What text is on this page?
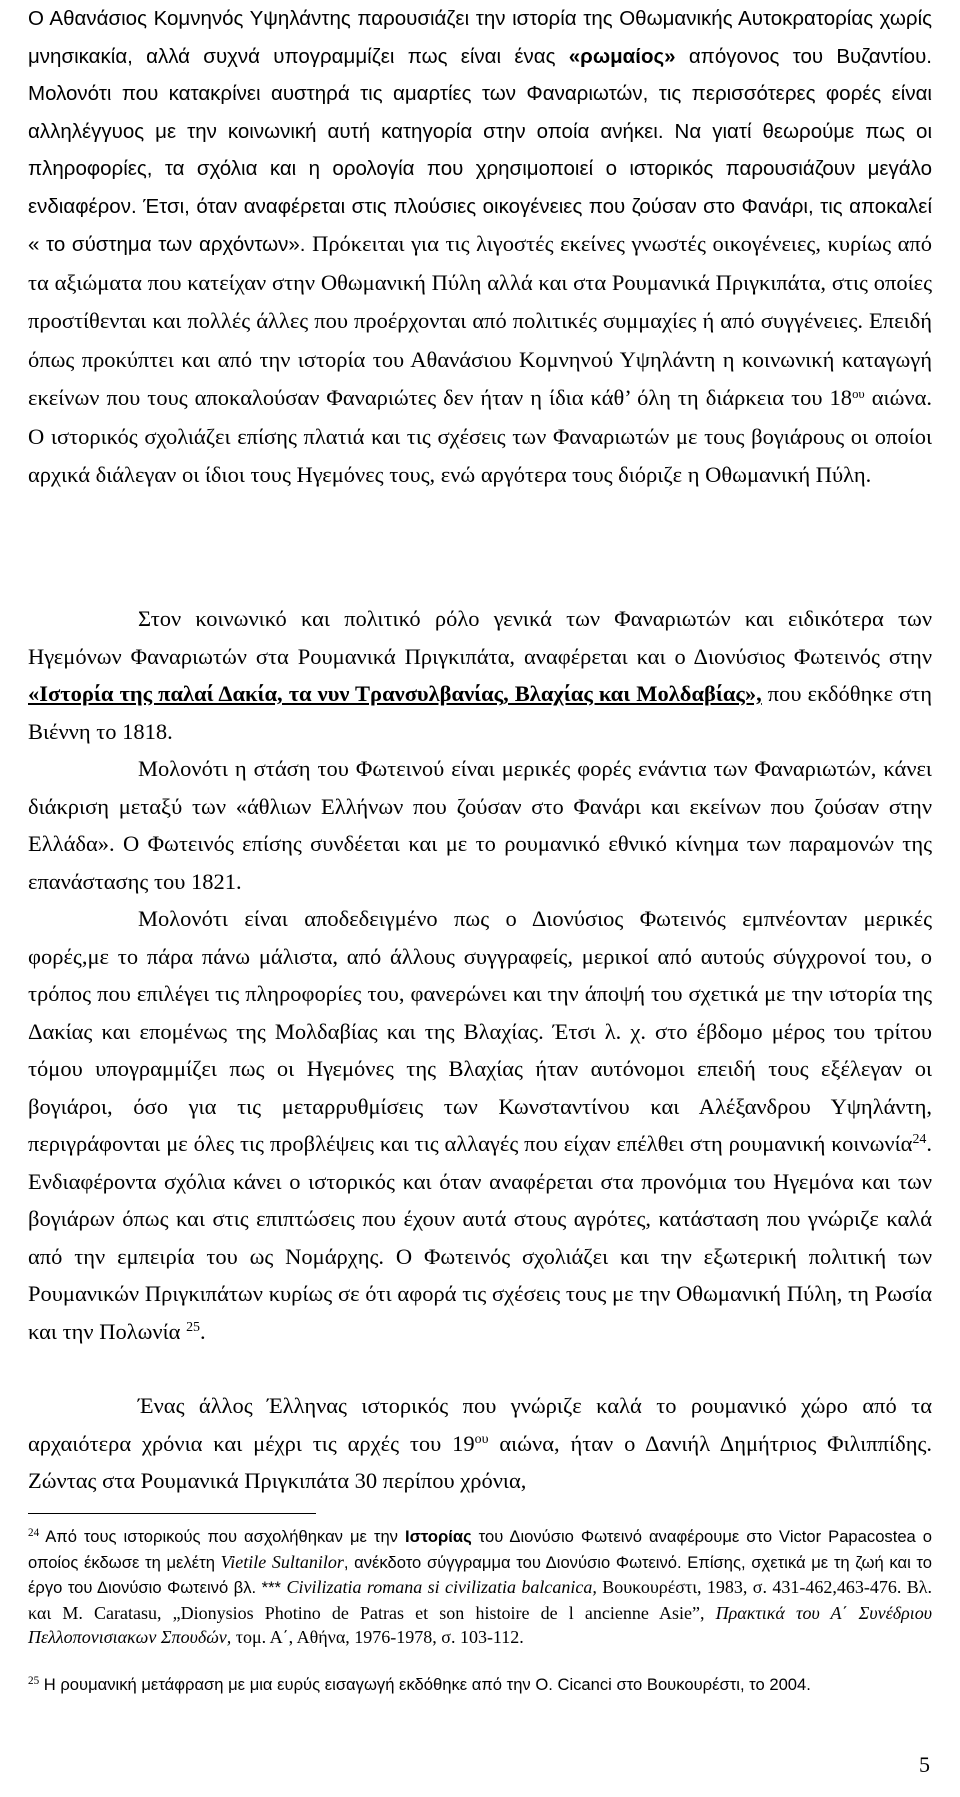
Ο Αθανάσιος Κομνηνός Υψηλάντης παρουσιάζει την ιστορία της Οθωμανικής Αυτοκρατορίας χωρίς μνησικακία, αλλά συχνά υπογραμμίζει πως είναι ένας «ρωμαίος» απόγονος του Βυζαντίου. Μολονότι που κατακρίνει αυστηρά τις αμαρτίες των Φαναριωτών, τις περισσότερες φορές είναι αλληλέγγυος με την κοινωνική αυτή κατηγορία στην οποία ανήκει. Να γιατί θεωρούμε πως οι πληροφορίες, τα σχόλια και η ορολογία που χρησιμοποιεί ο ιστορικός παρουσιάζουν μεγάλο ενδιαφέρον. Έτσι, όταν αναφέρεται στις πλούσιες οικογένειες που ζούσαν στο Φανάρι, τις αποκαλεί « το σύστημα των αρχόντων». Πρόκειται για τις λιγοστές εκείνες γνωστές οικογένειες, κυρίως από τα αξιώματα που κατείχαν στην Οθωμανική Πύλη αλλά και στα Ρουμανικά Πριγκιπάτα, στις οποίες προστίθενται και πολλές άλλες που προέρχονται από πολιτικές συμμαχίες ή από συγγένειες. Επειδή όπως προκύπτει και από την ιστορία του Αθανάσιου Κομνηνού Υψηλάντη η κοινωνική καταγωγή εκείνων που τους αποκαλούσαν Φαναριώτες δεν ήταν η ίδια κάθ’ όλη τη διάρκεια του $18^{o\upsilon}$ αιώνα. Ο ιστορικός σχολιάζει επίσης πλατιά και τις σχέσεις των Φαναριωτών με τους βογιάρους οι οποίοι αρχικά διάλεγαν οι ίδιοι τους Ηγεμόνες τους, ενώ αργότερα τους διόριζε η Οθωμανική Πύλη.

Στον κοινωνικό και πολιτικό ρόλο γενικά των Φαναριωτών και ειδικότερα των Ηγεμόνων Φαναριωτών στα Ρουμανικά Πριγκιπάτα, αναφέρεται και ο Διονύσιος Φωτεινός στην «Ιστορία της παλαί Δακία, τα νυν Τρανσυλβανίας, Βλαχίας και Μολδαβίας», που εκδόθηκε στη Βιέννη το 1818.

Μολονότι η στάση του Φωτεινού είναι μερικές φορές ενάντια των Φαναριωτών, κάνει διάκριση μεταξύ των «άθλιων Ελλήνων που ζούσαν στο Φανάρι και εκείνων που ζούσαν στην Ελλάδα». Ο Φωτεινός επίσης συνδέεται και με το ρουμανικό εθνικό κίνημα των παραμονών της επανάστασης του 1821.

Μολονότι είναι αποδεδειγμένο πως ο Διονύσιος Φωτεινός εμπνέονταν μερικές φορές,με το πάρα πάνω μάλιστα, από άλλους συγγραφείς, μερικοί από αυτούς σύγχρονοί του, ο τρόπος που επιλέγει τις πληροφορίες του, φανερώνει και την άποψή του σχετικά με την ιστορία της Δακίας και επομένως της Μολδαβίας και της Βλαχίας. Έτσι λ. χ. στο έβδομο μέρος του τρίτου τόμου υπογραμμίζει πως οι Ηγεμόνες της Βλαχίας ήταν αυτόνομοι επειδή τους εξέλεγαν οι βογιάροι, όσο για τις μεταρρυθμίσεις των Κωνσταντίνου και Αλέξανδρου Υψηλάντη, περιγράφονται με όλες τις προβλέψεις και τις αλλαγές που είχαν επέλθει στη ρουμανική κοινωνία$^{24}$. Ενδιαφέροντα σχόλια κάνει ο ιστορικός και όταν αναφέρεται στα προνόμια του Ηγεμόνα και των βογιάρων όπως και στις επιπτώσεις που έχουν αυτά στους αγρότες, κατάσταση που γνώριζε καλά από την εμπειρία του ως Νομάρχης. Ο Φωτεινός σχολιάζει και την εξωτερική πολιτική των Ρουμανικών Πριγκιπάτων κυρίως σε ότι αφορά τις σχέσεις τους με την Οθωμανική Πύλη, τη Ρωσία και την Πολωνία $^{25}$.

Ένας άλλος Έλληνας ιστορικός που γνώριζε καλά το ρουμανικό χώρο από τα αρχαιότερα χρόνια και μέχρι τις αρχές του $19^{o\upsilon}$ αιώνα, ήταν ο Δανιήλ Δημήτριος Φιλιππίδης. Ζώντας στα Ρουμανικά Πριγκιπάτα 30 περίπου χρόνια,

$^{24}$ Από τους ιστορικούς που ασχολήθηκαν με την Ιστορίας του Διονύσιο Φωτεινό αναφέρουμε στο Victor Papacostea ο οποίος έκδωσε τη μελέτη Vietile Sultanilor, ανέκδοτο σύγγραμμα του Διονύσιο Φωτεινό. Επίσης, σχετικά με τη ζωή και το έργο του Διονύσιο Φωτεινό βλ. *** Civilizatia romana si civilizatia balcanica, Βουκουρέστι, 1983, σ. 431-462,463-476. Βλ. και M. Caratasu, „Dionysios Photino de Patras et son histoire de l ancienne Asie”, Πρακτικά του Α΄ Συνέδριου Πελλοπονισιακων Σπουδών, τομ. Α΄, Αθήνα, 1976-1978, σ. 103-112.

$^{25}$ Η ρουμανική μετάφραση με μια ευρύς εισαγωγή εκδόθηκε από την O. Cicanci στο Βουκουρέστι, το 2004.

5
